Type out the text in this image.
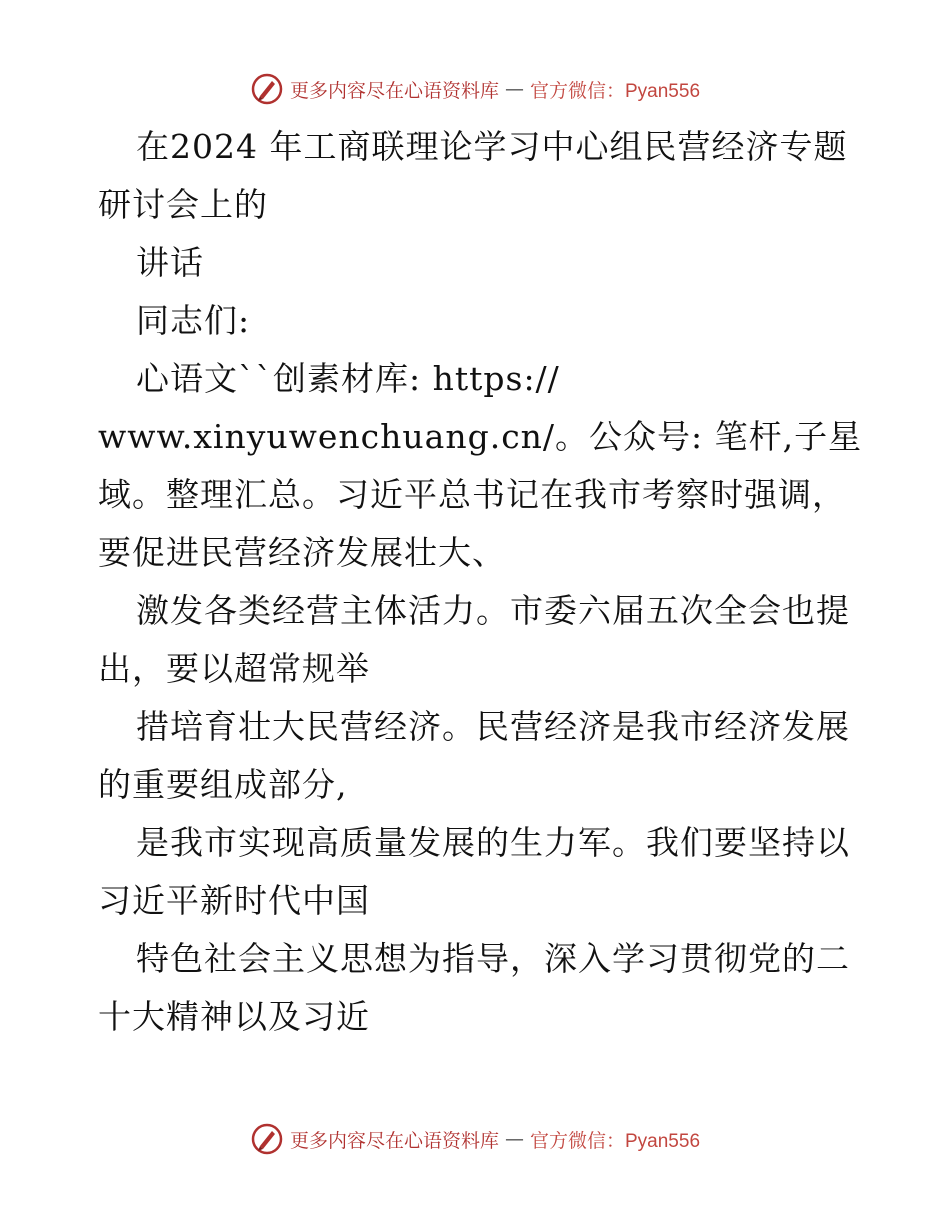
更多内容尽在心语资料库 — 官方微信：Pyan556

在2024 年工商联理论学习中心组民营经济专题

研讨会上的

讲话

同志们:

心语文``创素材库: https://

www.xinyuwenchuang.cn/。公众号: 笔杆,子星

域。整理汇总。习近平总书记在我市考察时强调，

要促进民营经济发展壮大、

激发各类经营主体活力。市委六届五次全会也提

出，要以超常规举

措培育壮大民营经济。民营经济是我市经济发展

的重要组成部分,

是我市实现高质量发展的生力军。我们要坚持以

习近平新时代中国

特色社会主义思想为指导，深入学习贯彻党的二

十大精神以及习近

更多内容尽在心语资料库 — 官方微信：Pyan556
